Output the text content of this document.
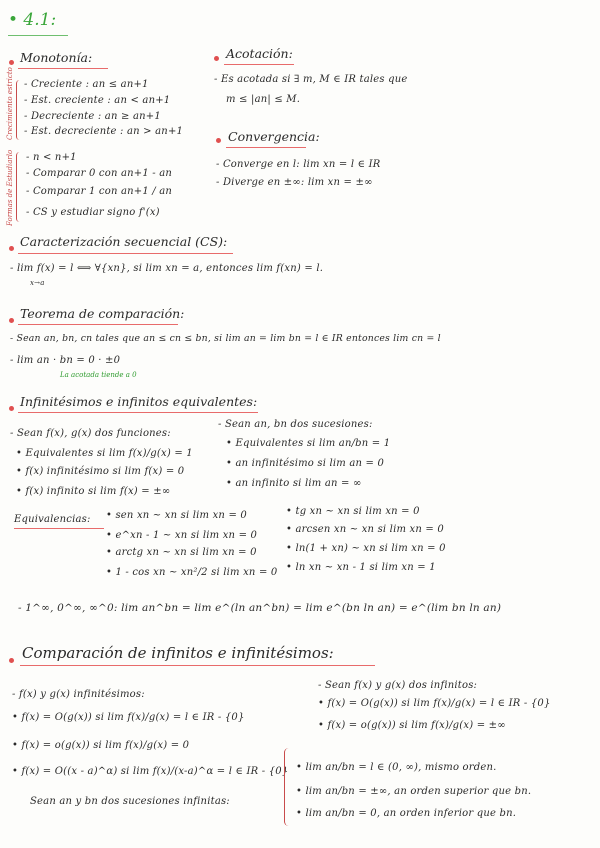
• 4.1:
Monotonía:
Crecimiento estricto - Creciente : an ≤ an+1
- Est. creciente : an < an+1
- Decreciente : an ≥ an+1
- Est. decreciente : an > an+1
Formas de Estudiarlo - n < n+1
- Comparar 0 con an+1 - an
- Comparar 1 con an+1 / an
- CS y estudiar signo f'(x)
Acotación:
- Es acotada si ∃ m, M ∈ IR tales que
m ≤ |an| ≤ M.
Convergencia:
- Converge en l: lim xn = l ∈ IR
- Diverge en ±∞: lim xn = ±∞
Caracterización secuencial (CS):
- lim f(x) = l ⟺ ∀{xn}, si lim xn = a, entonces lim f(xn) = l.
x→a
Teorema de comparación:
- Sean an, bn, cn tales que an ≤ cn ≤ bn, si lim an = lim bn = l ∈ IR entonces lim cn = l
- lim an · bn = 0 · ±0
La acotada tiende a 0
Infinitésimos e infinitos equivalentes:
- Sean f(x), g(x) dos funciones:
• Equivalentes si lim f(x)/g(x) = 1
• f(x) infinitésimo si lim f(x) = 0
• f(x) infinito si lim f(x) = ±∞
- Sean an, bn dos sucesiones:
• Equivalentes si lim an/bn = 1
• an infinitésimo si lim an = 0
• an infinito si lim an = ∞
Equivalencias: • sen xn ~ xn si lim xn = 0
• e^xn - 1 ~ xn si lim xn = 0
• arctg xn ~ xn si lim xn = 0
• 1 - cos xn ~ xn²/2 si lim xn = 0
• tg xn ~ xn si lim xn = 0
• arcsen xn ~ xn si lim xn = 0
• ln(1 + xn) ~ xn si lim xn = 0
• ln xn ~ xn - 1 si lim xn = 1
- 1^∞, 0^∞, ∞^0: lim an^bn = lim e^(ln an^bn) = lim e^(bn ln an) = e^(lim bn ln an)
Comparación de infinitos e infinitésimos:
- f(x) y g(x) infinitésimos:
• f(x) = O(g(x)) si lim f(x)/g(x) = l ∈ IR - {0}
• f(x) = o(g(x)) si lim f(x)/g(x) = 0
• f(x) = O((x - a)^α) si lim f(x)/(x-a)^α = l ∈ IR - {0}
- Sean f(x) y g(x) dos infinitos:
• f(x) = O(g(x)) si lim f(x)/g(x) = l ∈ IR - {0}
• f(x) = o(g(x)) si lim f(x)/g(x) = ±∞
Sean an y bn dos sucesiones infinitas:
• lim an/bn = l ∈ (0, ∞), mismo orden.
• lim an/bn = ±∞, an orden superior que bn.
• lim an/bn = 0, an orden inferior que bn.
